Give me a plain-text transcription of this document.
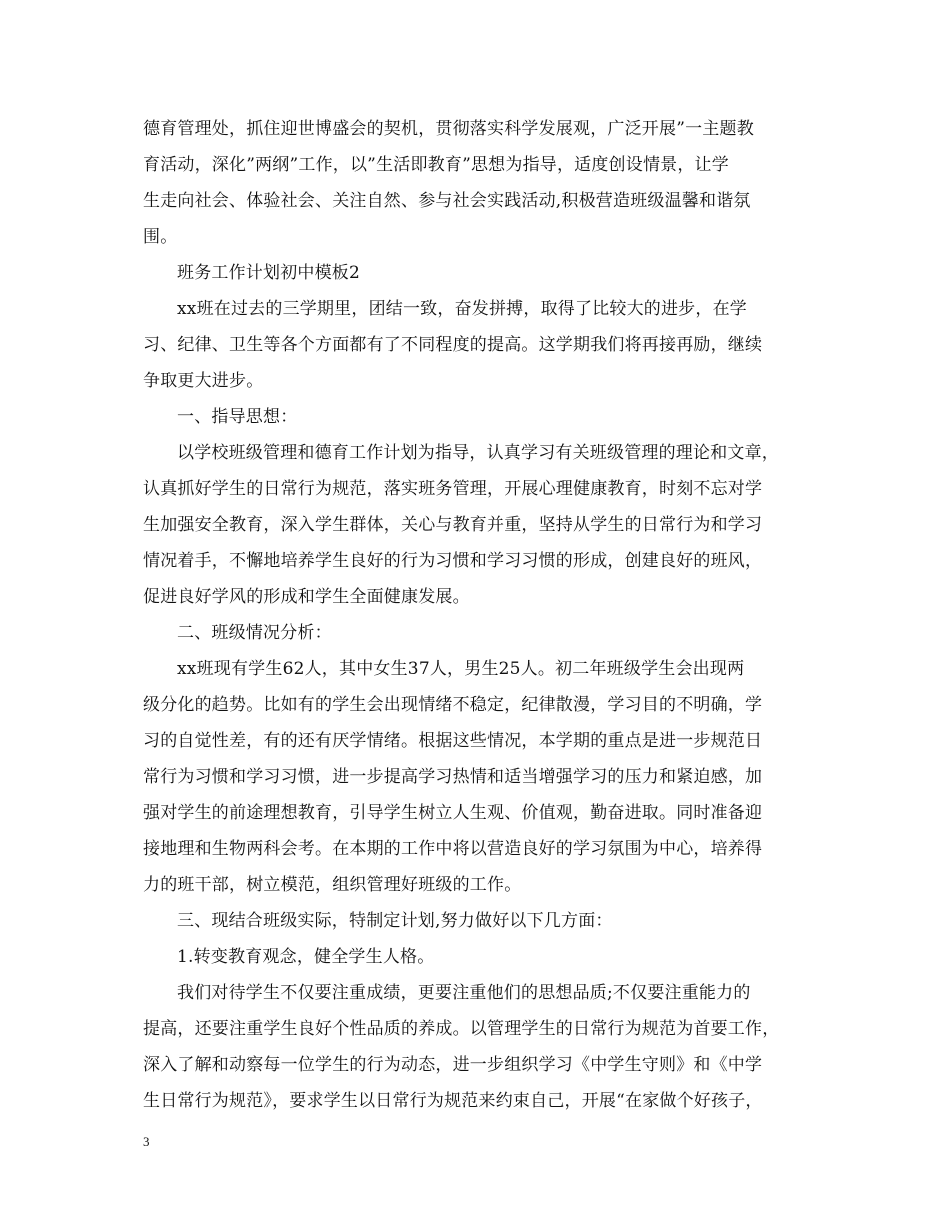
德育管理处，抓住迎世博盛会的契机，贯彻落实科学发展观，广泛开展”一主题教
育活动，深化”两纲”工作，以”生活即教育”思想为指导，适度创设情景，让学
生走向社会、体验社会、关注自然、参与社会实践活动,积极营造班级温馨和谐氛
围。
班务工作计划初中模板2
xx班在过去的三学期里，团结一致，奋发拼搏，取得了比较大的进步，在学
习、纪律、卫生等各个方面都有了不同程度的提高。这学期我们将再接再励，继续
争取更大进步。
一、指导思想：
以学校班级管理和德育工作计划为指导，认真学习有关班级管理的理论和文章，
认真抓好学生的日常行为规范，落实班务管理，开展心理健康教育，时刻不忘对学
生加强安全教育，深入学生群体，关心与教育并重，坚持从学生的日常行为和学习
情况着手，不懈地培养学生良好的行为习惯和学习习惯的形成，创建良好的班风，
促进良好学风的形成和学生全面健康发展。
二、班级情况分析：
xx班现有学生62人，其中女生37人，男生25人。初二年班级学生会出现两
级分化的趋势。比如有的学生会出现情绪不稳定，纪律散漫，学习目的不明确，学
习的自觉性差，有的还有厌学情绪。根据这些情况，本学期的重点是进一步规范日
常行为习惯和学习习惯，进一步提高学习热情和适当增强学习的压力和紧迫感，加
强对学生的前途理想教育，引导学生树立人生观、价值观，勤奋进取。同时准备迎
接地理和生物两科会考。在本期的工作中将以营造良好的学习氛围为中心，培养得
力的班干部，树立模范，组织管理好班级的工作。
三、现结合班级实际，特制定计划,努力做好以下几方面：
1.转变教育观念，健全学生人格。
我们对待学生不仅要注重成绩，更要注重他们的思想品质;不仅要注重能力的
提高，还要注重学生良好个性品质的养成。以管理学生的日常行为规范为首要工作，
深入了解和动察每一位学生的行为动态，进一步组织学习《中学生守则》和《中学
生日常行为规范》，要求学生以日常行为规范来约束自己，开展“在家做个好孩子，
3
